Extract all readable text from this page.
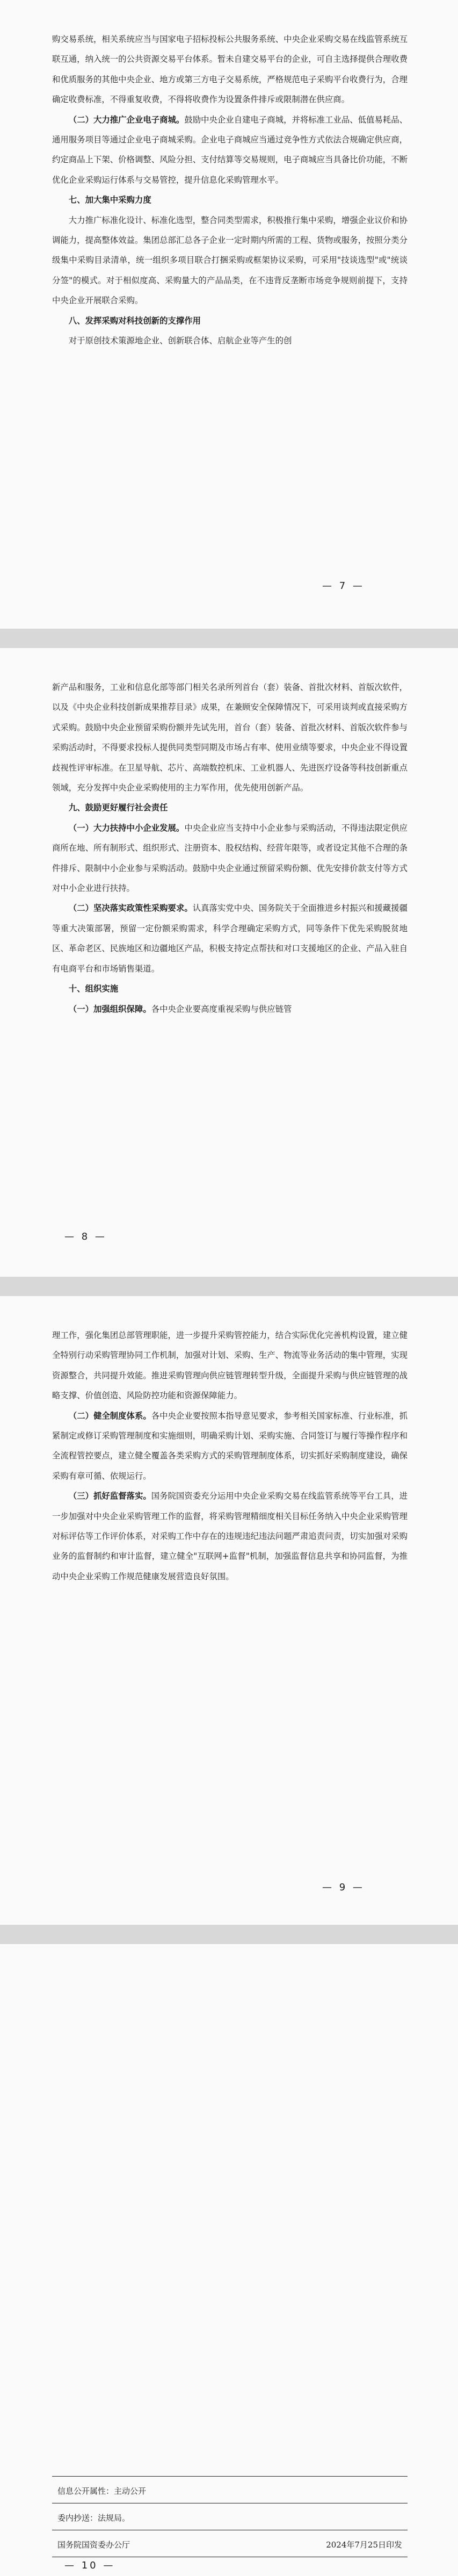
购交易系统，相关系统应当与国家电子招标投标公共服务系统、中央企业采购交易在线监管系统互联互通，纳入统一的公共资源交易平台体系。暂未自建交易平台的企业，可自主选择提供合理收费和优质服务的其他中央企业、地方或第三方电子交易系统，严格规范电子采购平台收费行为，合理确定收费标准，不得重复收费，不得将收费作为设置条件排斥或限制潜在供应商。

（二）大力推广企业电子商城。鼓励中央企业自建电子商城，并将标准工业品、低值易耗品、通用服务项目等通过企业电子商城采购。企业电子商城应当通过竞争性方式依法合规确定供应商，约定商品上下架、价格调整、风险分担、支付结算等交易规则，电子商城应当具备比价功能，不断优化企业采购运行体系与交易管控，提升信息化采购管理水平。

七、加大集中采购力度

大力推广标准化设计、标准化选型，整合同类型需求，积极推行集中采购，增强企业议价和协调能力，提高整体效益。集团总部汇总各子企业一定时期内所需的工程、货物或服务，按照分类分级集中采购目录清单，统一组织多项目联合打捆采购或框架协议采购，可采用"技谈选型"或"统谈分签"的模式。对于相似度高、采购量大的产品品类，在不违背反垄断市场竞争规则前提下，支持中央企业开展联合采购。

八、发挥采购对科技创新的支撑作用

对于原创技术策源地企业、创新联合体、启航企业等产生的创

— 7 —

新产品和服务，工业和信息化部等部门相关名录所列首台（套）装备、首批次材料、首版次软件，以及《中央企业科技创新成果推荐目录》成果，在兼顾安全保障情况下，可采用谈判或直接采购方式采购。鼓励中央企业预留采购份额并先试先用，首台（套）装备、首批次材料、首版次软件参与采购活动时，不得要求投标人提供同类型同期及市场占有率、使用业绩等要求，中央企业不得设置歧视性评审标准。在卫星导航、芯片、高端数控机床、工业机器人、先进医疗设备等科技创新重点领域，充分发挥中央企业采购使用的主力军作用，优先使用创新产品。

九、鼓励更好履行社会责任

（一）大力扶持中小企业发展。中央企业应当支持中小企业参与采购活动，不得违法限定供应商所在地、所有制形式、组织形式、注册资本、股权结构、经营年限等，或者设定其他不合理的条件排斥、限制中小企业参与采购活动。鼓励中央企业通过预留采购份额、优先安排价款支付等方式对中小企业进行扶持。

（二）坚决落实政策性采购要求。认真落实党中央、国务院关于全面推进乡村振兴和援藏援疆等重大决策部署，预留一定份额采购需求，科学合理确定采购方式，同等条件下优先采购脱贫地区、革命老区、民族地区和边疆地区产品，积极支持定点帮扶和对口支援地区的企业、产品入驻自有电商平台和市场销售渠道。

十、组织实施

（一）加强组织保障。各中央企业要高度重视采购与供应链管

— 8 —

理工作，强化集团总部管理职能，进一步提升采购管控能力，结合实际优化完善机构设置，建立健全特别行动采购管理协同工作机制，加强对计划、采购、生产、物流等业务活动的集中管理，实现资源整合，共同提升效能。推进采购管理向供应链管理转型升级，全面提升采购与供应链管理的战略支撑、价值创造、风险防控功能和资源保障能力。

（二）健全制度体系。各中央企业要按照本指导意见要求，参考相关国家标准、行业标准，抓紧制定或修订采购管理制度和实施细则，明确采购计划、采购实施、合同签订与履行等操作程序和全流程管控要点，建立健全覆盖各类采购方式的采购管理制度体系，切实抓好采购制度建设，确保采购有章可循、依规运行。

（三）抓好监督落实。国务院国资委充分运用中央企业采购交易在线监管系统等平台工具，进一步加强对中央企业采购管理工作的监督，将采购管理精细度相关目标任务纳入中央企业采购管理对标评估等工作评价体系，对采购工作中存在的违规违纪违法问题严肃追责问责，切实加强对采购业务的监督制约和审计监督，建立健全"互联网+监督"机制，加强监督信息共享和协同监督，为推动中央企业采购工作规范健康发展营造良好氛围。

— 9 —
信息公开属性：主动公开
委内抄送：法规局。
国务院国资委办公厅	2024年7月25日印发
— 10 —
